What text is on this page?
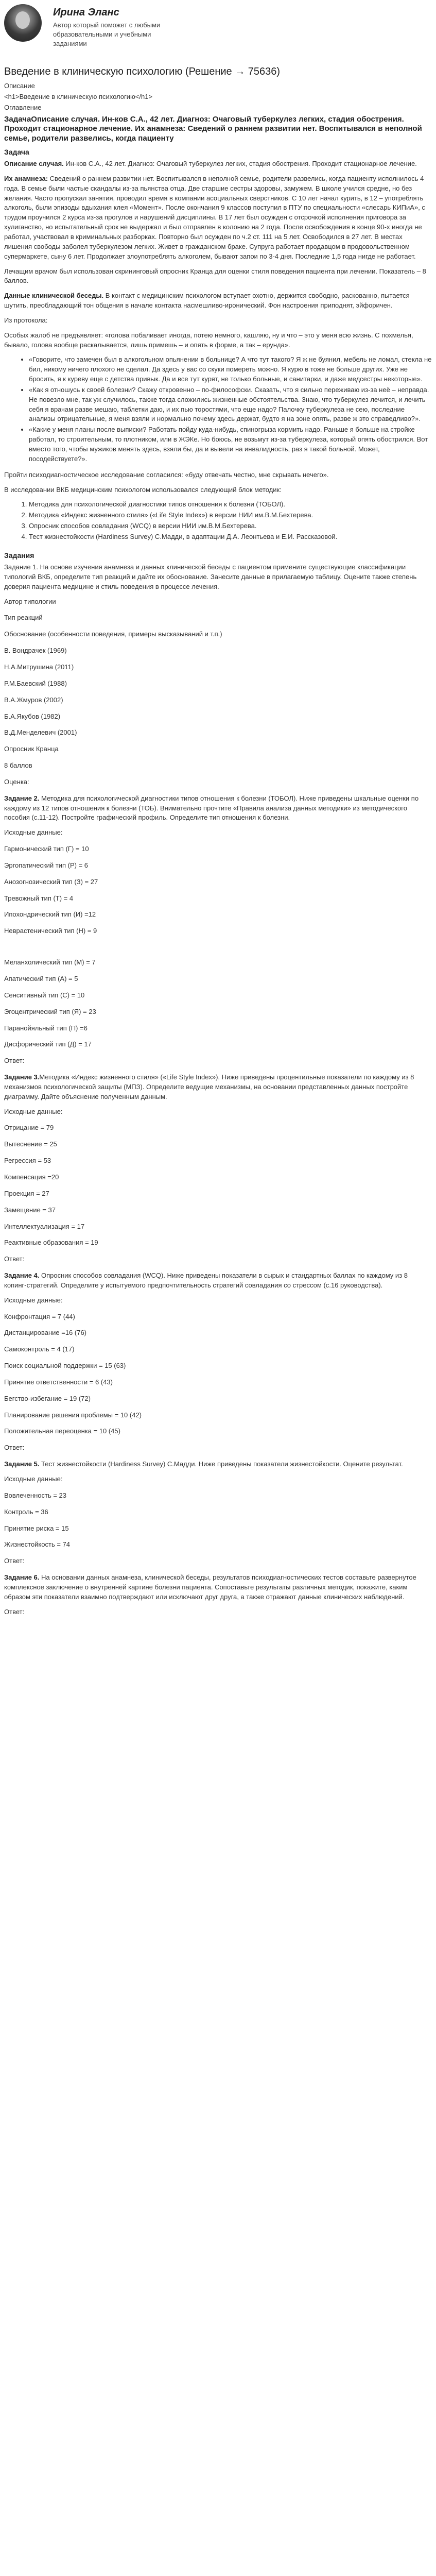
Ирина Эланс
Автор который поможет с любыми образовательными и учебными заданиями
Введение в клиническую психологию (Решение → 75636)
Описание
<h1>Введение в клиническую психологию</h1>
Оглавление
ЗадачаОписание случая. Ин-ков С.А., 42 лет. Диагноз: Очаговый туберкулез легких, стадия обострения. Проходит стационарное лечение. Их анамнеза: Сведений о раннем развитии нет. Воспитывался в неполной семье, родители развелись, когда пациенту
Задача
Описание случая. Ин-ков С.А., 42 лет. Диагноз: Очаговый туберкулез легких, стадия обострения. Проходит стационарное лечение.
Их анамнеза: Сведений о раннем развитии нет. Воспитывался в неполной семье, родители развелись, когда пациенту исполнилось 4 года. В семье были частые скандалы из-за пьянства отца. Две старшие сестры здоровы, замужем. В школе учился средне, но без желания. Часто пропускал занятия, проводил время в компании асоциальных сверстников. С 10 лет начал курить, в 12 – употреблять алкоголь, были эпизоды вдыхания клея «Момент». После окончания 9 классов поступил в ПТУ по специальности «слесарь КИПиА», с трудом проучился 2 курса из-за прогулов и нарушений дисциплины. В 17 лет был осужден с отсрочкой исполнения приговора за хулиганство, но испытательный срок не выдержал и был отправлен в колонию на 2 года. После освобождения в конце 90-х иногда не работал, участвовал в криминальных разборках. Повторно был осужден по ч.2 ст. 111 на 5 лет. Освободился в 27 лет. В местах лишения свободы заболел туберкулезом легких. Живет в гражданском браке. Супруга работает продавцом в продовольственном супермаркете, сыну 6 лет. Продолжает злоупотреблять алкоголем, бывают запои по 3-4 дня. Последние 1,5 года нигде не работает.
Лечащим врачом был использован скрининговый опросник Кранца для оценки стиля поведения пациента при лечении. Показатель – 8 баллов.
Данные клинической беседы. В контакт с медицинским психологом вступает охотно, держится свободно, раскованно, пытается шутить, преобладающий тон общения в начале контакта насмешливо-иронический. Фон настроения приподнят, эйфоричен.
Из протокола:
Особых жалоб не предъявляет: «голова побаливает иногда, потею немного, кашляю, ну и что – это у меня всю жизнь. С похмелья, бывало, голова вообще раскалывается, лишь примешь – и опять в форме, а так – ерунда».
• «Говорите, что замечен был в алкогольном опьянении в больнице? А что тут такого? Я ж не буянил, мебель не ломал, стекла не бил, никому ничего плохого не сделал. Да здесь у вас со скуки помереть можно. Я курю в тоже не больше других. Уже не бросить, я к куреву еще с детства привык. Да и все тут курят, не только больные, и санитарки, и даже медсестры некоторые».
• «Как я отношусь к своей болезни? Скажу откровенно – по-философски. Сказать, что я сильно переживаю из-за неё – неправда. Не повезло мне, так уж случилось, также тогда сложились жизненные обстоятельства. Знаю, что туберкулез лечится, и лечить себя я врачам разве мешаю, таблетки даю, и их пью торостями, что еще надо? Палочку туберкулеза не сею, последние анализы отрицательные, я меня взяли и нормально почему здесь держат, будто я на зоне опять, разве ж это справедливо?».
• «Какие у меня планы после выписки? Работать пойду куда-нибудь, спиногрызa кормить надо. Раньше я больше на стройке работал, то строительным, то плотником, или в ЖЭКе. Но боюсь, не возьмут из-за туберкулеза, который опять обострился. Вот вместо того, чтобы мужиков менять здесь, взяли бы, да и вывели на инвалидность, раз я такой больной. Может, посодействуете?».
Пройти психодиагностическое исследование согласился: «буду отвечать честно, мне скрывать нечего».
В исследовании ВКБ медицинским психологом использовался следующий блок методик:
1. Методика для психологической диагностики типов отношения к болезни (ТОБОЛ).
2. Методика «Индекс жизненного стиля» («Life Style Index») в версии НИИ им.В.М.Бехтерева.
3. Опросник способов совладания (WCQ) в версии НИИ им.В.М.Бехтерева.
4. Тест жизнестойкости (Hardiness Survey) С.Мадди, в адаптации Д.А. Леонтьева и Е.И. Рассказовой.
Задания
Задание 1. На основе изучения анамнеза и данных клинической беседы с пациентом примените существующие классификации типологий ВКБ, определите тип реакций и дайте их обоснование. Занесите данные в прилагаемую таблицу. Оцените также степень доверия пациента медицине и стиль поведения в процессе лечения.
Автор типологии
Тип реакций
Обоснование (особенности поведения, примеры высказываний и т.п.)
В. Вондрачек (1969)
Н.А.Митрушина (2011)
Р.М.Баевский (1988)
В.А.Жмуров (2002)
Б.А.Якубов (1982)
В.Д.Менделевич (2001)
Опросник Кранца
8 баллов
Оценка:
Задание 2. Методика для психологической диагностики типов отношения к болезни (ТОБОЛ). Ниже приведены шкальные оценки по каждому из 12 типов отношения к болезни (ТОБ). Внимательно прочтите «Правила анализа данных методики» из методического пособия (с.11-12). Постройте графический профиль. Определите тип отношения к болезни.
Исходные данные:
Гармонический тип (Г) = 10
Эргопатический тип (Р) = 6
Анозогнозический тип (З) = 27
Тревожный тип (Т) = 4
Ипохондрический тип (И) =12
Неврастенический тип (Н) = 9
Меланхолический тип (М) = 7
Апатический тип (А) = 5
Сенситивный тип (С) = 10
Эгоцентрический тип (Я) = 23
Паранойяльный тип (П) =6
Дисфорический тип (Д) = 17
Ответ:
Задание 3.Методика «Индекс жизненного стиля» («Life Style Index»). Ниже приведены процентильные показатели по каждому из 8 механизмов психологической защиты (МПЗ). Определите ведущие механизмы, на основании представленных данных постройте диаграмму. Дайте объяснение полученным данным.
Исходные данные:
Отрицание = 79
Вытеснение = 25
Регрессия = 53
Компенсация =20
Проекция = 27
Замещение = 37
Интеллектуализация = 17
Реактивные образования = 19
Ответ:
Задание 4. Опросник способов совладания (WCQ). Ниже приведены показатели в сырых и стандартных баллах по каждому из 8 копинг-стратегий. Определите у испытуемого предпочтительность стратегий совладания со стрессом (с.16 руководства).
Исходные данные:
Конфронтация = 7 (44)
Дистанцирование =16 (76)
Самоконтроль = 4 (17)
Поиск социальной поддержки = 15 (63)
Принятие ответственности = 6 (43)
Бегство-избегание = 19 (72)
Планирование решения проблемы = 10 (42)
Положительная переоценка = 10 (45)
Ответ:
Задание 5. Тест жизнестойкости (Hardiness Survey) С.Мадди. Ниже приведены показатели жизнестойкости. Оцените результат.
Исходные данные:
Вовлеченность = 23
Контроль = 36
Принятие риска = 15
Жизнестойкость = 74
Ответ:
Задание 6. На основании данных анамнеза, клинической беседы, результатов психодиагностических тестов составьте развернутое комплексное заключение о внутренней картине болезни пациента. Сопоставьте результаты различных методик, покажите, каким образом эти показатели взаимно подтверждают или исключают друг друга, а также отражают данные клинических наблюдений.
Ответ:
